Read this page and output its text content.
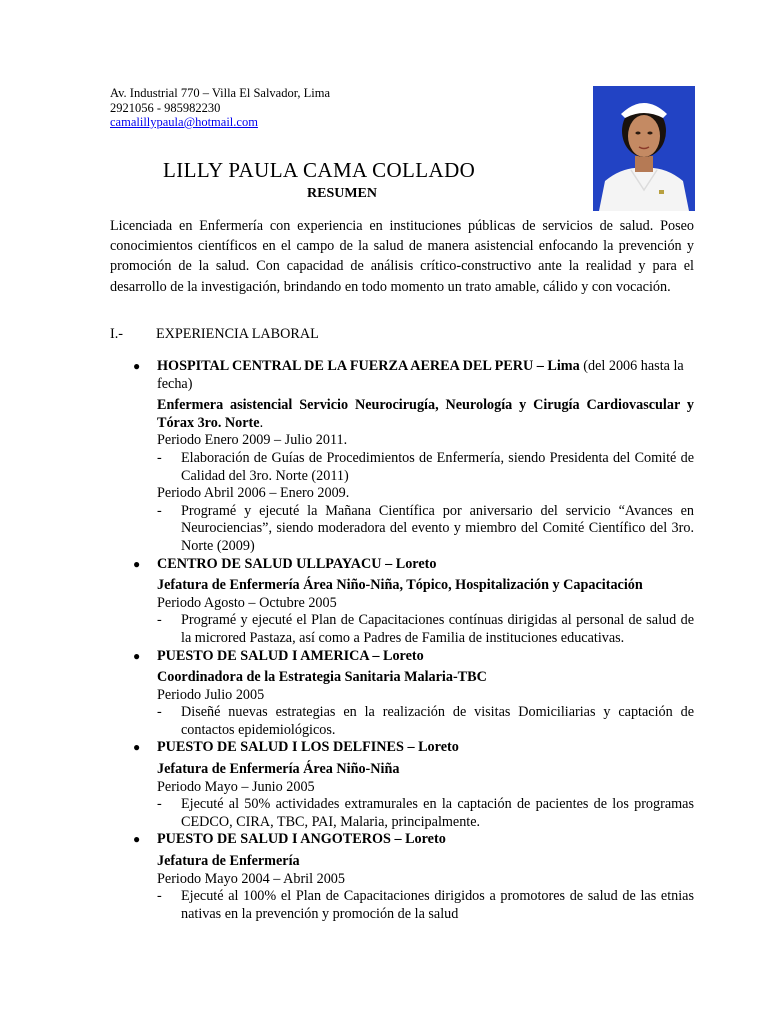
Av. Industrial 770 – Villa El Salvador, Lima
2921056 - 985982230
camalillypaula@hotmail.com
LILLY PAULA CAMA COLLADO
RESUMEN
Licenciada en Enfermería con experiencia en instituciones públicas de servicios de salud. Poseo conocimientos científicos en el campo de la salud de manera asistencial enfocando la prevención y promoción de la salud. Con capacidad de análisis crítico-constructivo ante la realidad y para el desarrollo de la investigación, brindando en todo momento un trato amable, cálido y con vocación.
I.- EXPERIENCIA LABORAL
● HOSPITAL CENTRAL DE LA FUERZA AEREA DEL PERU – Lima (del 2006 hasta la fecha)
Enfermera asistencial Servicio Neurocirugía, Neurología y Cirugía Cardiovascular y Tórax 3ro. Norte.
Periodo Enero 2009 – Julio 2011.
- Elaboración de Guías de Procedimientos de Enfermería, siendo Presidenta del Comité de Calidad del 3ro. Norte (2011)
Periodo Abril 2006 – Enero 2009.
- Programé y ejecuté la Mañana Científica por aniversario del servicio “Avances en Neurociencias”, siendo moderadora del evento y miembro del Comité Científico del 3ro. Norte (2009)
● CENTRO DE SALUD ULLPAYACU – Loreto
Jefatura de Enfermería Área Niño-Niña, Tópico, Hospitalización y Capacitación
Periodo Agosto – Octubre 2005
- Programé y ejecuté el Plan de Capacitaciones contínuas dirigidas al personal de salud de la microred Pastaza, así como a Padres de Familia de instituciones educativas.
● PUESTO DE SALUD I AMERICA – Loreto
Coordinadora de la Estrategia Sanitaria Malaria-TBC
Periodo Julio 2005
- Diseñé nuevas estrategias en la realización de visitas Domiciliarias y captación de contactos epidemiológicos.
● PUESTO DE SALUD I LOS DELFINES – Loreto
Jefatura de Enfermería Área Niño-Niña
Periodo Mayo – Junio 2005
- Ejecuté al 50% actividades extramurales en la captación de pacientes de los programas CEDCO, CIRA, TBC, PAI, Malaria, principalmente.
● PUESTO DE SALUD I ANGOTEROS – Loreto
Jefatura de Enfermería
Periodo Mayo 2004 – Abril 2005
- Ejecuté al 100% el Plan de Capacitaciones dirigidos a promotores de salud de las etnias nativas en la prevención y promoción de la salud
